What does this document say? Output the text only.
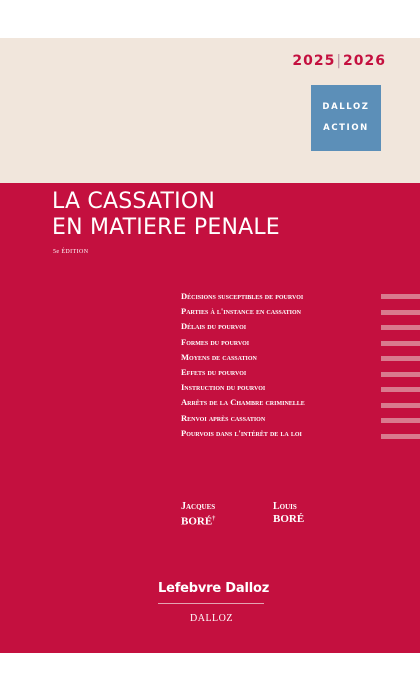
2025|2026
DALLOZ
ACTION
LA CASSATION
EN MATIERE PENALE
5e ÉDITION
Décisions susceptibles de pourvoi
Parties à l'instance en cassation
Délais du pourvoi
Formes du pourvoi
Moyens de cassation
Effets du pourvoi
Instruction du pourvoi
Arrêts de la Chambre criminelle
Renvoi après cassation
Pourvois dans l'intérêt de la loi
Jacques
BORÉ†
Louis
BORÉ
Lefebvre Dalloz
DALLOZ
